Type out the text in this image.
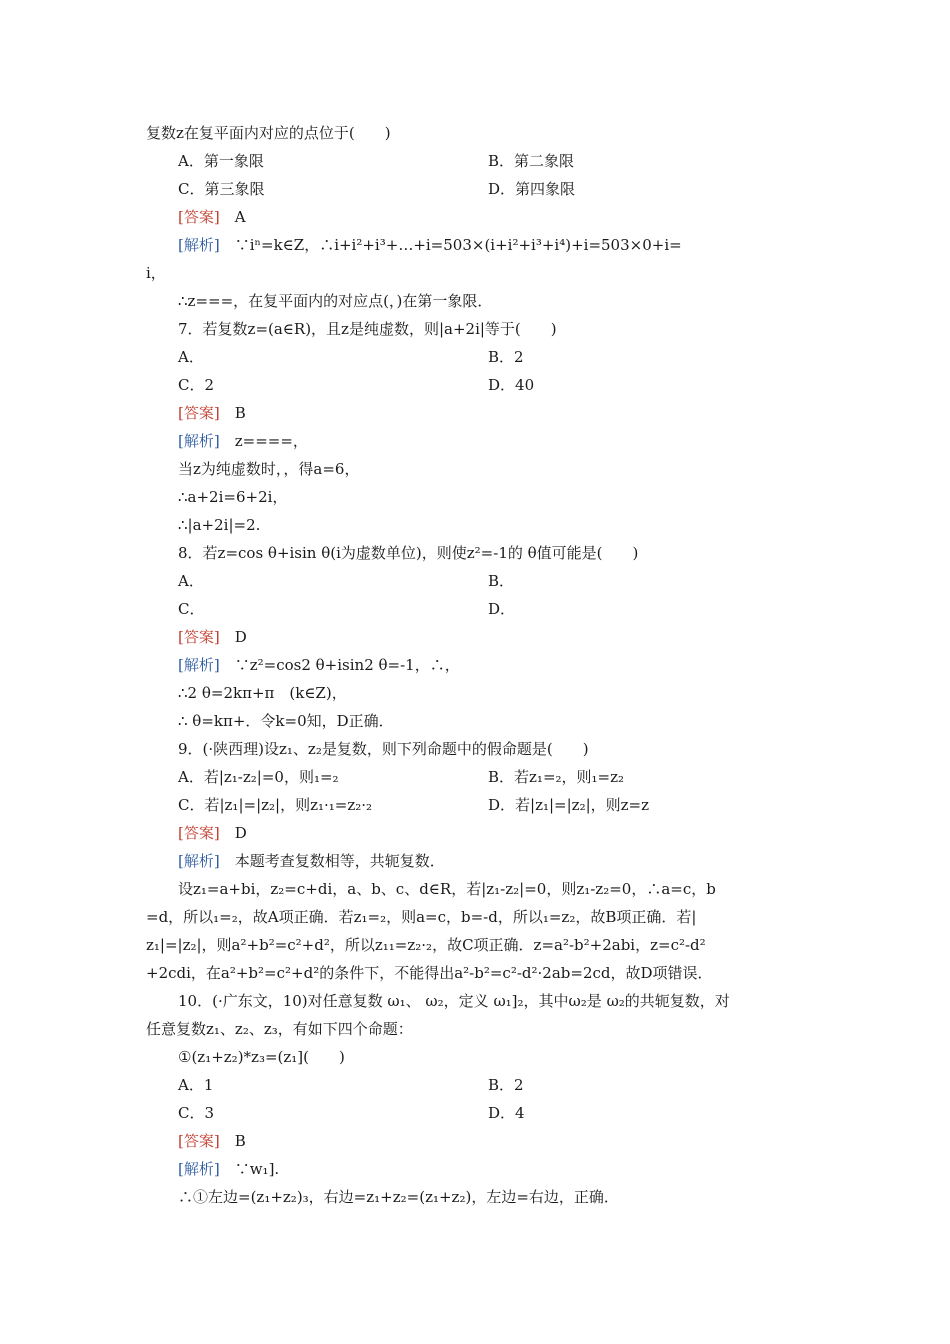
复数z在复平面内对应的点位于(　　)
A．第一象限	B．第二象限
C．第三象限	D．第四象限
[答案]　A
[解析]　∵iⁿ=k∈Z，∴i+i²+i³+…+i=503×(i+i²+i³+i⁴)+i=503×0+i=
i，
∴z===，在复平面内的对应点(，)在第一象限．
7．若复数z=(a∈R)，且z是纯虚数，则|a+2i|等于(　　)
A．	B．2
C．2	D．40
[答案]　B
[解析]　z====，
当z为纯虚数时，，得a=6，
∴a+2i=6+2i，
∴|a+2i|=2.
8．若z=cos θ+isin θ(i为虚数单位)，则使z²=-1的 θ值可能是(　　)
A．	B．
C．	D．
[答案]　D
[解析]　∵z²=cos2 θ+isin2 θ=-1，∴，
∴2 θ=2kπ+π　(k∈Z)，
∴ θ=kπ+．令k=0知，D正确．
9．(·陕西理)设z₁、z₂是复数，则下列命题中的假命题是(　　)
A．若|z₁-z₂|=0，则₁=₂	B．若z₁=₂，则₁=z₂
C．若|z₁|=|z₂|，则z₁·₁=z₂·₂	D．若|z₁|=|z₂|，则z=z
[答案]　D
[解析]　本题考查复数相等，共轭复数．
设z₁=a+bi，z₂=c+di，a、b、c、d∈R，若|z₁-z₂|=0，则z₁-z₂=0，∴a=c，b
=d，所以₁=₂，故A项正确．若z₁=₂，则a=c，b=-d，所以₁=z₂，故B项正确．若|
z₁|=|z₂|，则a²+b²=c²+d²，所以z₁₁=z₂·₂，故C项正确．z=a²-b²+2abi，z=c²-d²
+2cdi，在a²+b²=c²+d²的条件下，不能得出a²-b²=c²-d²·2ab=2cd，故D项错误．
10．(·广东文，10)对任意复数 ω₁、 ω₂，定义 ω₁]₂，其中ω₂是 ω₂的共轭复数，对
任意复数z₁、z₂、z₃，有如下四个命题：
①(z₁+z₂)*z₃=(z₁](　　)
A．1	B．2
C．3	D．4
[答案]　B
[解析]　∵w₁].
∴①左边=(z₁+z₂)₃，右边=z₁+z₂=(z₁+z₂)，左边=右边，正确．
